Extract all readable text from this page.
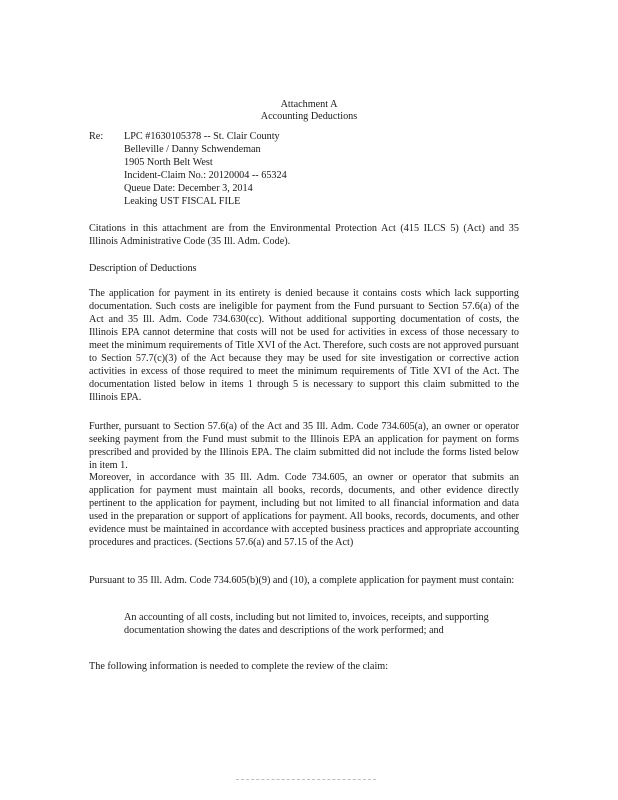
Attachment A
Accounting Deductions
Re: LPC #1630105378 -- St. Clair County
Belleville / Danny Schwendeman
1905 North Belt West
Incident-Claim No.: 20120004 -- 65324
Queue Date: December 3, 2014
Leaking UST FISCAL FILE

Citations in this attachment are from the Environmental Protection Act (415 ILCS 5) (Act) and 35 Illinois Administrative Code (35 Ill. Adm. Code).

Description of Deductions

The application for payment in its entirety is denied because it contains costs which lack supporting documentation. Such costs are ineligible for payment from the Fund pursuant to Section 57.6(a) of the Act and 35 Ill. Adm. Code 734.630(cc). Without additional supporting documentation of costs, the Illinois EPA cannot determine that costs will not be used for activities in excess of those necessary to meet the minimum requirements of Title XVI of the Act. Therefore, such costs are not approved pursuant to Section 57.7(c)(3) of the Act because they may be used for site investigation or corrective action activities in excess of those required to meet the minimum requirements of Title XVI of the Act. The documentation listed below in items 1 through 5 is necessary to support this claim submitted to the Illinois EPA.

Further, pursuant to Section 57.6(a) of the Act and 35 Ill. Adm. Code 734.605(a), an owner or operator seeking payment from the Fund must submit to the Illinois EPA an application for payment on forms prescribed and provided by the Illinois EPA. The claim submitted did not include the forms listed below in item 1.

Moreover, in accordance with 35 Ill. Adm. Code 734.605, an owner or operator that submits an application for payment must maintain all books, records, documents, and other evidence directly pertinent to the application for payment, including but not limited to all financial information and data used in the preparation or support of applications for payment. All books, records, documents, and other evidence must be maintained in accordance with accepted business practices and appropriate accounting procedures and practices. (Sections 57.6(a) and 57.15 of the Act)

Pursuant to 35 Ill. Adm. Code 734.605(b)(9) and (10), a complete application for payment must contain:

An accounting of all costs, including but not limited to, invoices, receipts, and supporting documentation showing the dates and descriptions of the work performed; and

The following information is needed to complete the review of the claim:
